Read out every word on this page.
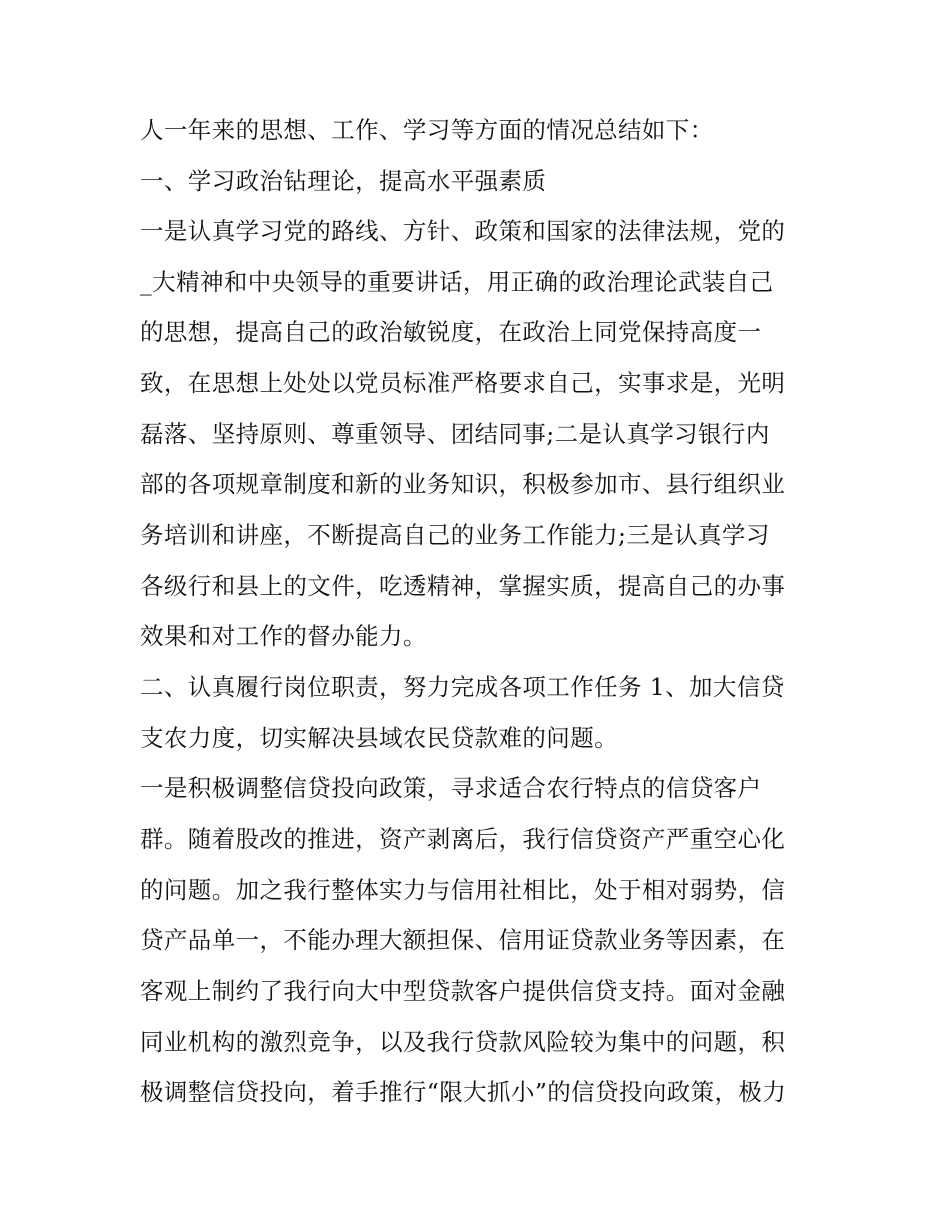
人一年来的思想、工作、学习等方面的情况总结如下：
一、学习政治钻理论，提高水平强素质
一是认真学习党的路线、方针、政策和国家的法律法规，党的
_大精神和中央领导的重要讲话，用正确的政治理论武装自己
的思想，提高自己的政治敏锐度，在政治上同党保持高度一
致，在思想上处处以党员标准严格要求自己，实事求是，光明
磊落、坚持原则、尊重领导、团结同事;二是认真学习银行内
部的各项规章制度和新的业务知识，积极参加市、县行组织业
务培训和讲座，不断提高自己的业务工作能力;三是认真学习
各级行和县上的文件，吃透精神，掌握实质，提高自己的办事
效果和对工作的督办能力。
二、认真履行岗位职责，努力完成各项工作任务 1、加大信贷
支农力度，切实解决县域农民贷款难的问题。
一是积极调整信贷投向政策，寻求适合农行特点的信贷客户
群。随着股改的推进，资产剥离后，我行信贷资产严重空心化
的问题。加之我行整体实力与信用社相比，处于相对弱势，信
贷产品单一，不能办理大额担保、信用证贷款业务等因素，在
客观上制约了我行向大中型贷款客户提供信贷支持。面对金融
同业机构的激烈竞争，以及我行贷款风险较为集中的问题，积
极调整信贷投向，着手推行“限大抓小”的信贷投向政策，极力
